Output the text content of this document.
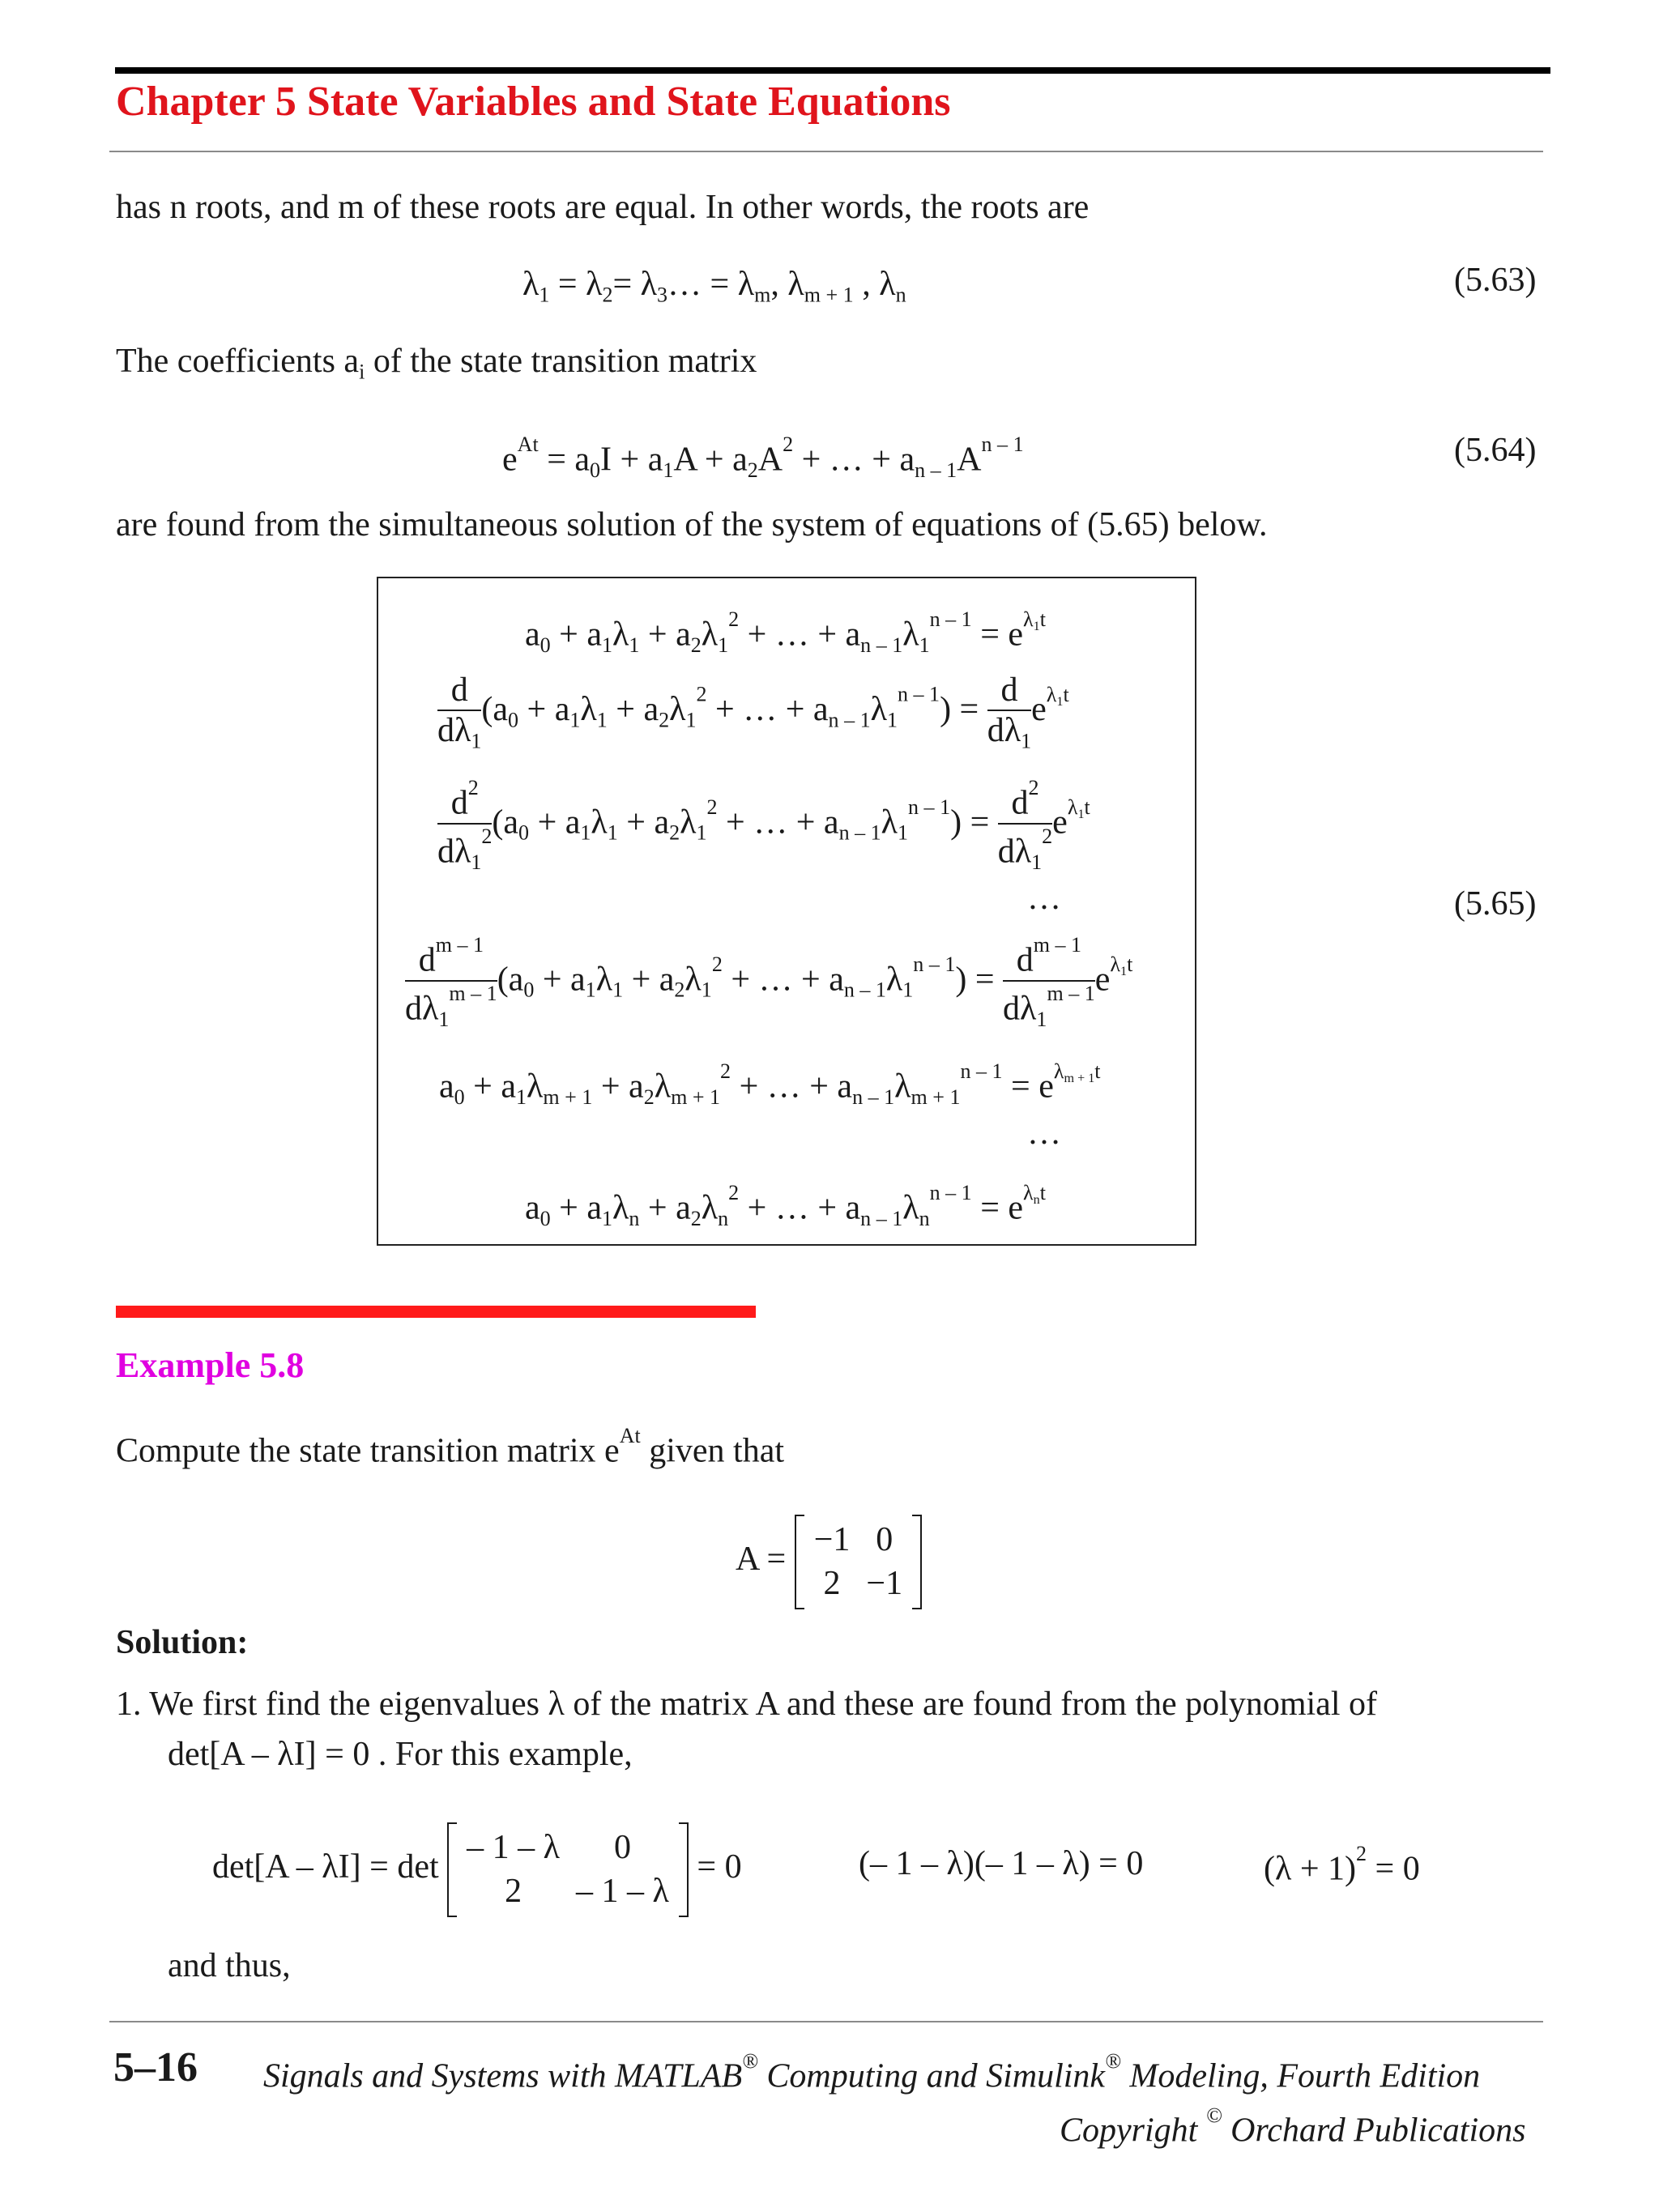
Chapter 5 State Variables and State Equations
has n roots, and m of these roots are equal. In other words, the roots are
$\lambda_1 = \lambda_2=$ $\lambda_3\dots = \lambda_m$, $\lambda_{m + 1}$ , $\lambda_n$	(5.63)
The coefficients $a_i$ of the state transition matrix
$e^{At} = a_0I + a_1A + a_2A^2$ + … + $a_{n - 1}A^{n - 1}$	(5.64)
are found from the simultaneous solution of the system of equations of (5.65) below.
$a_0 + a_1\lambda_1 + a_2\lambda_1^2$ + … + $a_{n - 1}\lambda_1^{n - 1} = e^{\lambda_1t}$
$\frac{d}{d\lambda_1} (a_0 + a_1\lambda_1 + a_2\lambda_1^2$ + … + $a_{n - 1}\lambda_1^{n - 1}) = \frac{d}{d\lambda_1} e^{\lambda_1t}$
$\frac{d^2}{d\lambda_1^2} (a_0 + a_1\lambda_1 + a_2\lambda_1^2$ + … + $a_{n - 1}\lambda_1^{n - 1}) = \frac{d^2}{d\lambda_1^2} e^{\lambda_1t}$
…	(5.65)
$\frac{d^{m - 1}}{d\lambda_1^{m - 1}} (a_0 + a_1\lambda_1 + a_2\lambda_1^2$ + … + $a_{n - 1}\lambda_1^{n - 1}) = \frac{d^{m - 1}}{d\lambda_1^{m - 1}} e^{\lambda_1t}$
$a_0 + a_1\lambda_{m + 1} + a_2\lambda_{m + 1}^2$ + … + $a_{n - 1}\lambda_{m + 1}^{n - 1} = e^{\lambda_{m + 1}t}$
…
$a_0 + a_1\lambda_n + a_2\lambda_n^2$ + … + $a_{n - 1}\lambda_n^{n - 1} = e^{\lambda_nt}$
Example 5.8
Compute the state transition matrix $e^{At}$ given that
A =
−1	0
2	−1
Solution:
1. We first find the eigenvalues λ of the matrix A and these are found from the polynomial of
det[A – λI] = 0 . For this example,
det[A – λI] = det
– 1 – λ	0
2	– 1 – λ
= 0	(– 1 – λ)(– 1 – λ) = 0	$(\lambda + 1)^2 = 0$
and thus,
5–16 Signals and Systems with MATLAB® Computing and Simulink® Modeling, Fourth Edition
Copyright © Orchard Publications
